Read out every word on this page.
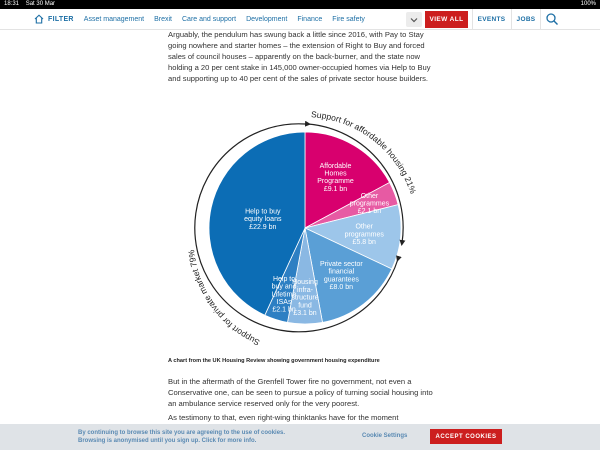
18:31 Sat 30 Mar	100%
FILTER Asset management Brexit Care and support Development Finance Fire safety	VIEW ALL	EVENTS	JOBS

Arguably, the pendulum has swung back a little since 2016, with Pay to Stay going nowhere and starter homes – the extension of Right to Buy and forced sales of council houses – apparently on the back-burner, and the state now holding a 20 per cent stake in 145,000 owner-occupied homes via Help to Buy and supporting up to 40 per cent of the sales of private sector house builders.

Affordable Homes Programme £9.1 bn
Other programmes £2.1 bn
Other programmes £5.8 bn
Private sector financial guarantees £8.0 bn
Housing infra-structure fund £3.1 bn
Help to buy and Lifetime ISAs £2.1 bn
Help to buy equity loans £22.9 bn
Support for affordable housing 21%
Support for private market 79%
A chart from the UK Housing Review showing government housing expenditure

But in the aftermath of the Grenfell Tower fire no government, not even a Conservative one, can be seen to pursue a policy of turning social housing into an ambulance service reserved only for the very poorest.

As testimony to that, even right-wing thinktanks have for the moment

By continuing to browse this site you are agreeing to the use of cookies.
Browsing is anonymised until you sign up. Click for more info.
Cookie Settings	ACCEPT COOKIES
